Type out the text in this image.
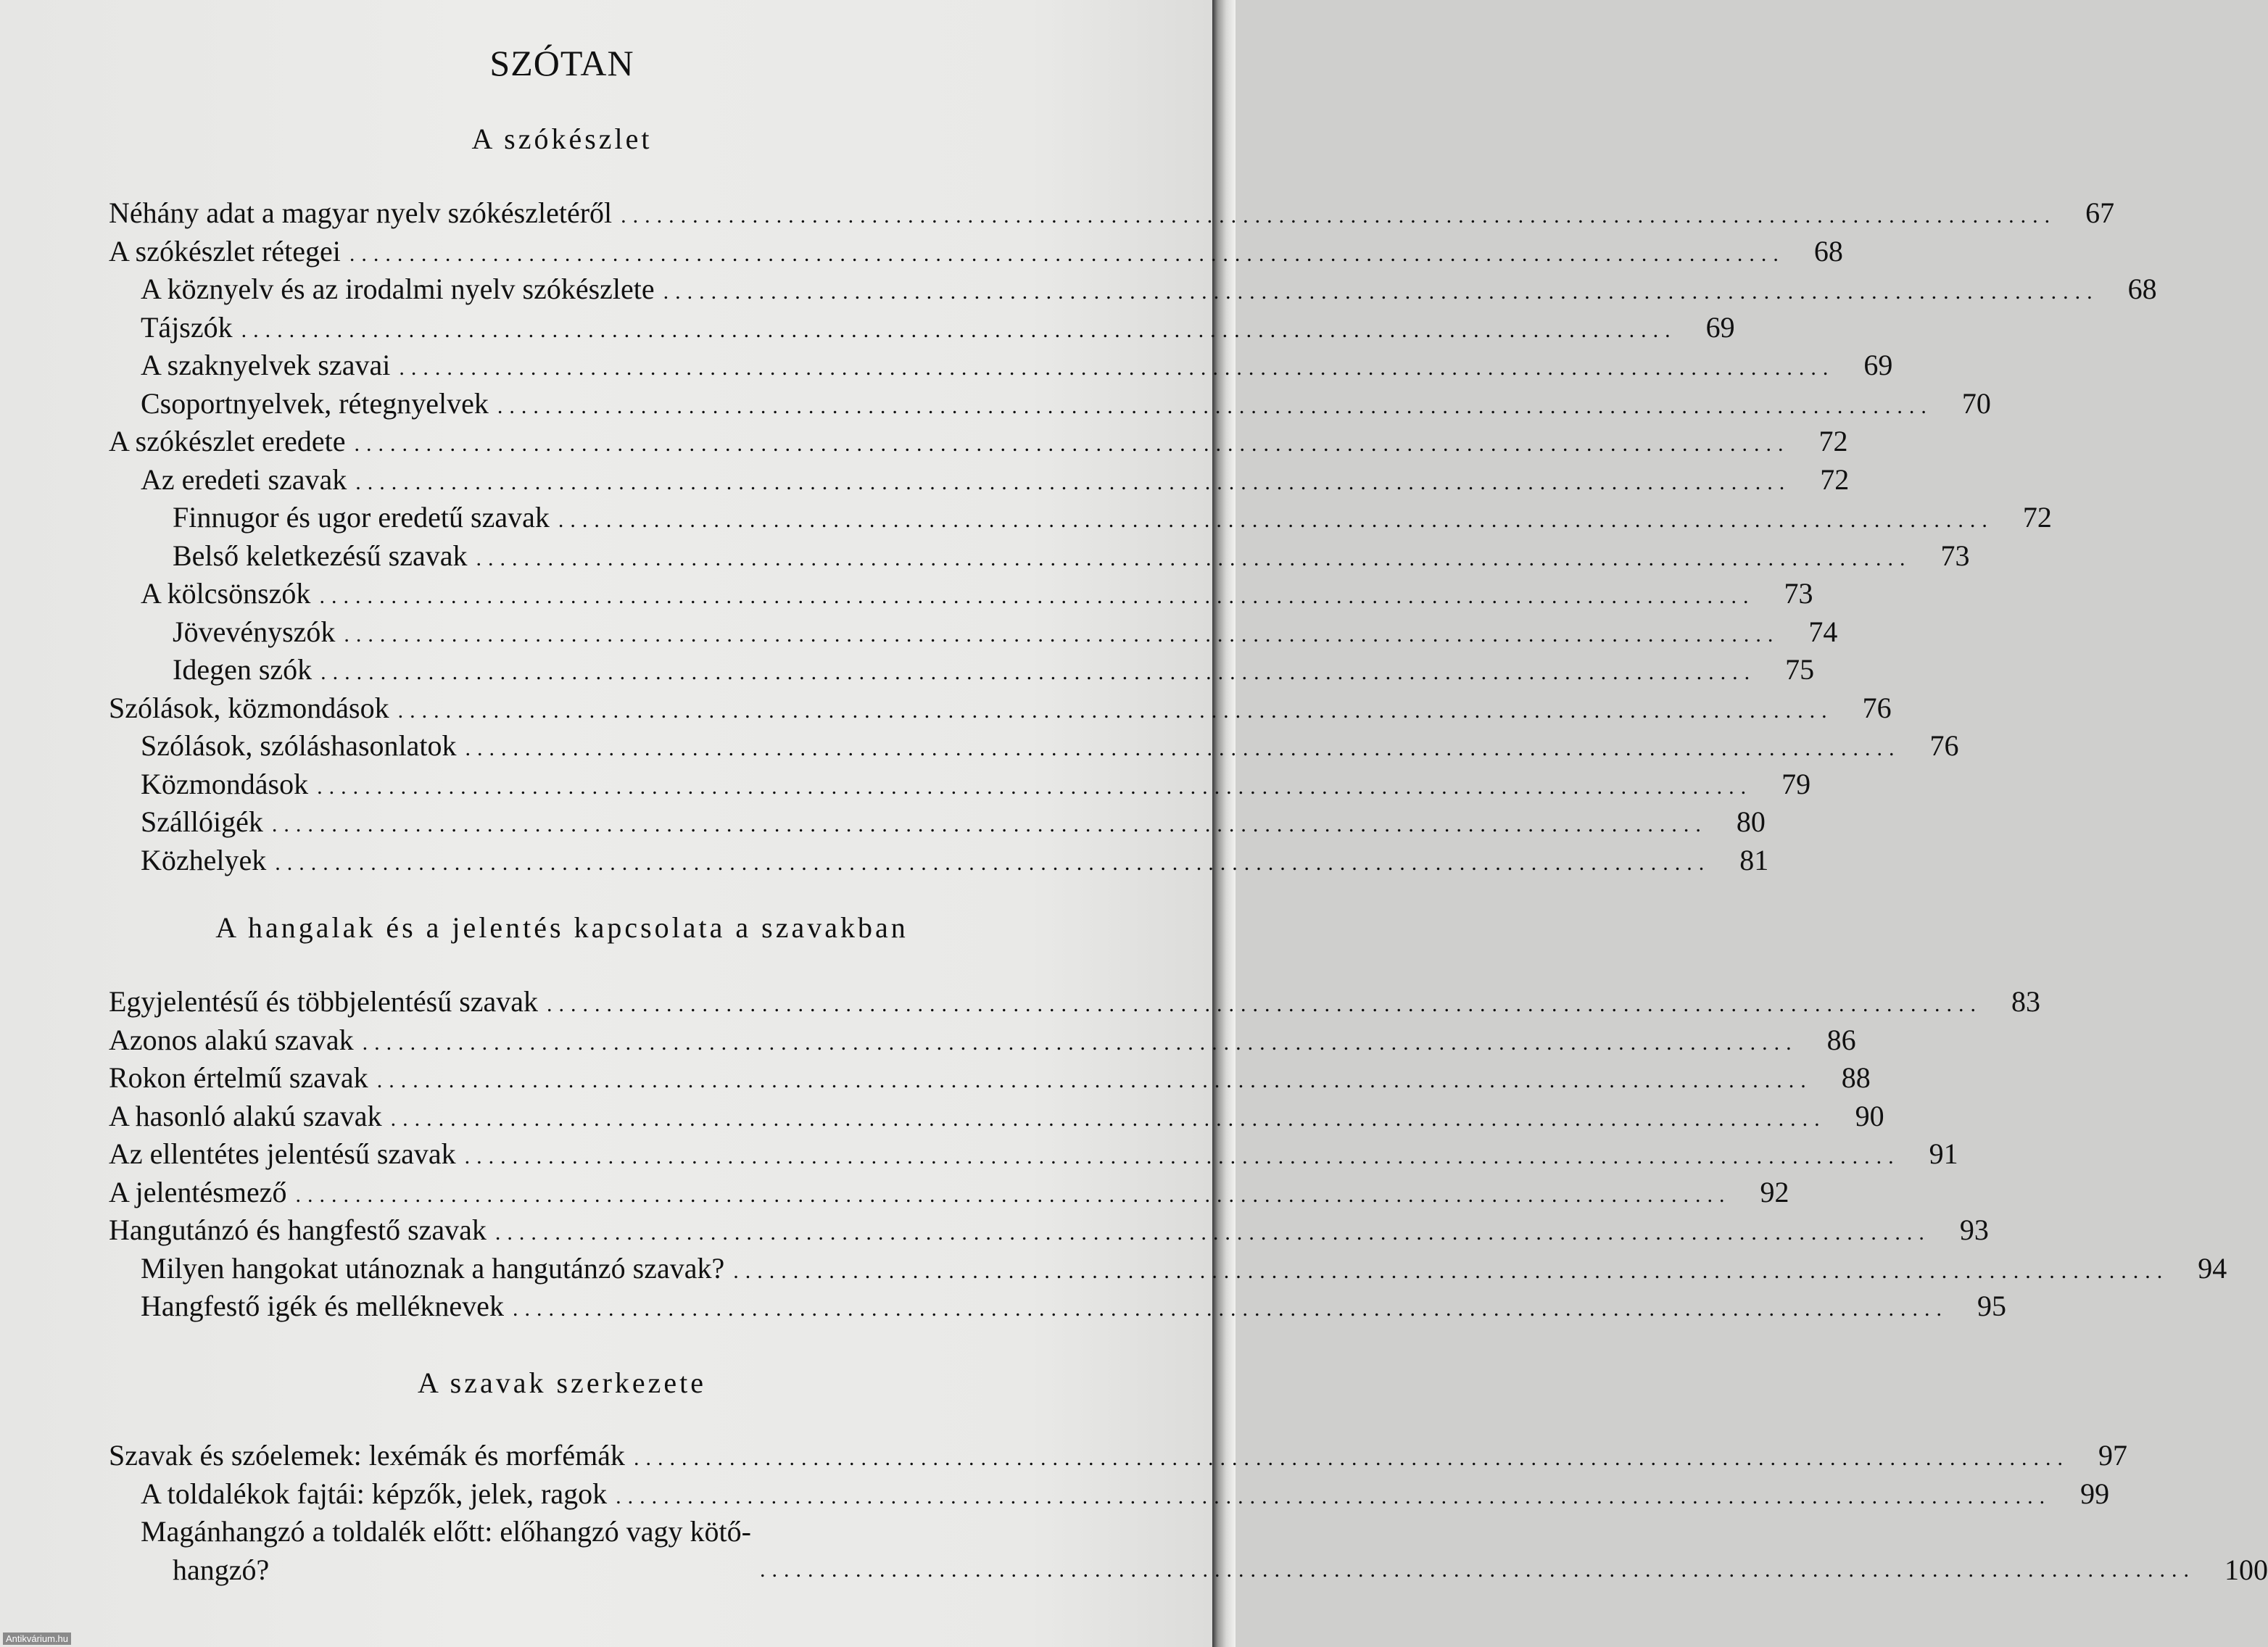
SZÓTAN
A szókészlet
Néhány adat a magyar nyelv szókészletéről ........................................................................................................................ 67
A szókészlet rétegei ........................................................................................................................ 68
A köznyelv és az irodalmi nyelv szókészlete ........................................................................................................................ 68
Tájszók ........................................................................................................................ 69
A szaknyelvek szavai ........................................................................................................................ 69
Csoportnyelvek, rétegnyelvek ........................................................................................................................ 70
A szókészlet eredete ........................................................................................................................ 72
Az eredeti szavak ........................................................................................................................ 72
Finnugor és ugor eredetű szavak ........................................................................................................................ 72
Belső keletkezésű szavak ........................................................................................................................ 73
A kölcsönszók ........................................................................................................................ 73
Jövevényszók ........................................................................................................................ 74
Idegen szók ........................................................................................................................ 75
Szólások, közmondások ........................................................................................................................ 76
Szólások, szóláshasonlatok ........................................................................................................................ 76
Közmondások ........................................................................................................................ 79
Szállóigék ........................................................................................................................ 80
Közhelyek ........................................................................................................................ 81
A hangalak és a jelentés kapcsolata a szavakban
Egyjelentésű és többjelentésű szavak ........................................................................................................................ 83
Azonos alakú szavak ........................................................................................................................ 86
Rokon értelmű szavak ........................................................................................................................ 88
A hasonló alakú szavak ........................................................................................................................ 90
Az ellentétes jelentésű szavak ........................................................................................................................ 91
A jelentésmező ........................................................................................................................ 92
Hangutánzó és hangfestő szavak ........................................................................................................................ 93
Milyen hangokat utánoznak a hangutánzó szavak? ........................................................................................................................ 94
Hangfestő igék és melléknevek ........................................................................................................................ 95
A szavak szerkezete
Szavak és szóelemek: lexémák és morfémák ........................................................................................................................ 97
A toldalékok fajtái: képzők, jelek, ragok ........................................................................................................................ 99
Magánhangzó a toldalék előtt: előhangzó vagy kötő-
hangzó?	........................................................................................................................ 100
Antikvárium.hu
